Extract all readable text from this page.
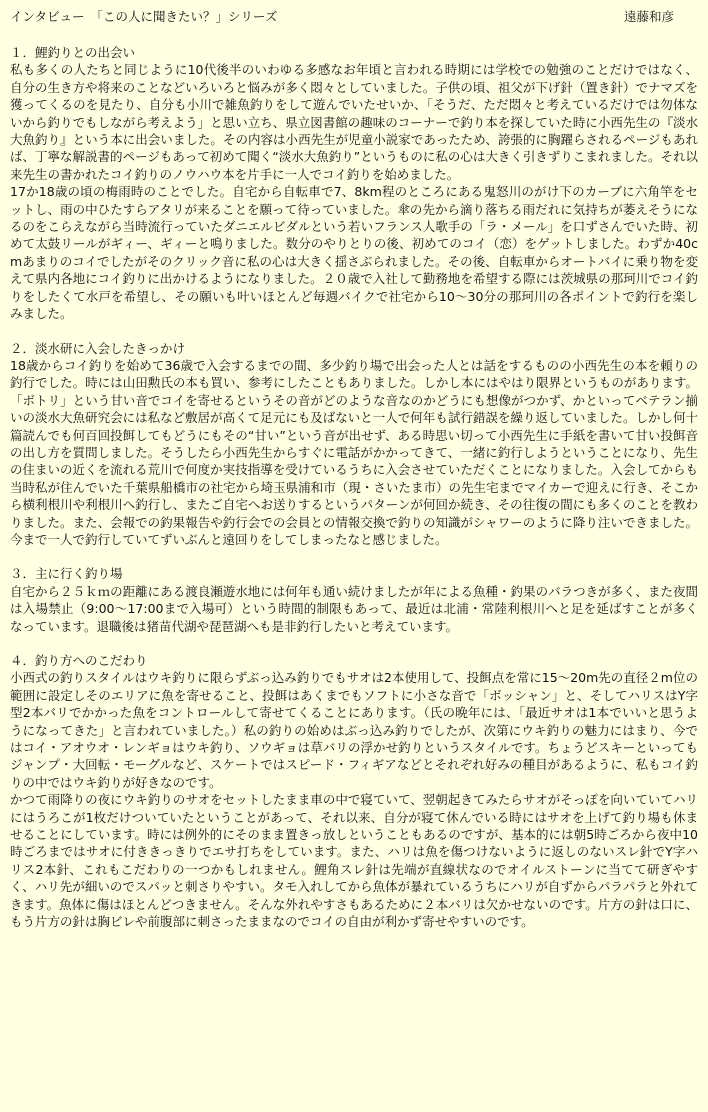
インタビュー 「この人に聞きたい？」シリーズ	遠藤和彦
１．鯉釣りとの出会い

私も多くの人たちと同じように10代後半のいわゆる多感なお年頃と言われる時期には学校での勉強のことだけではなく、自分の生き方や将来のことなどいろいろと悩みが多く悶々としていました。子供の頃、祖父が下げ針（置き針）でナマズを獲ってくるのを見たり、自分も小川で雑魚釣りをして遊んでいたせいか、「そうだ、ただ悶々と考えているだけでは勿体ないから釣りでもしながら考えよう」と思い立ち、県立図書館の趣味のコーナーで釣り本を探していた時に小西先生の『淡水大魚釣り』という本に出会いました。その内容は小西先生が児童小説家であったため、誇張的に胸躍らされるページもあれば、丁寧な解説書的ページもあって初めて聞く“淡水大魚釣り”というものに私の心は大きく引きずりこまれました。それ以来先生の書かれたコイ釣りのノウハウ本を片手に一人でコイ釣りを始めました。

17か18歳の頃の梅雨時のことでした。自宅から自転車で7、8km程のところにある鬼怒川のがけ下のカーブに六角竿をセットし、雨の中ひたすらアタリが来ることを願って待っていました。傘の先から滴り落ちる雨だれに気持ちが萎えそうになるのをこらえながら当時流行っていたダニエルビダルという若いフランス人歌手の「ラ・メール」を口ずさんでいた時、初めて太鼓リールがギィー、ギィーと鳴りました。数分のやりとりの後、初めてのコイ（恋）をゲットしました。わずか40cmあまりのコイでしたがそのクリック音に私の心は大きく揺さぶられました。その後、自転車からオートバイに乗り物を変えて県内各地にコイ釣りに出かけるようになりました。２０歳で入社して勤務地を希望する際には茨城県の那珂川でコイ釣りをしたくて水戸を希望し、その願いも叶いほとんど毎週バイクで社宅から10〜30分の那珂川の各ポイントで釣行を楽しみました。

２．淡水研に入会したきっかけ

18歳からコイ釣りを始めて36歳で入会するまでの間、多少釣り場で出会った人とは話をするものの小西先生の本を頼りの釣行でした。時には山田勲氏の本も買い、参考にしたこともありました。しかし本にはやはり限界というものがあります。「ボトリ」という甘い音でコイを寄せるというその音がどのような音なのかどうにも想像がつかず、かといってベテラン揃いの淡水大魚研究会には私など敷居が高くて足元にも及ばないと一人で何年も試行錯誤を繰り返していました。しかし何十篇読んでも何百回投餌してもどうにもその“甘い”という音が出せず、ある時思い切って小西先生に手紙を書いて甘い投餌音の出し方を質問しました。そうしたら小西先生からすぐに電話がかかってきて、一緒に釣行しようということになり、先生の住まいの近くを流れる荒川で何度か実技指導を受けているうちに入会させていただくことになりました。入会してからも当時私が住んでいた千葉県船橋市の社宅から埼玉県浦和市（現・さいたま市）の先生宅までマイカーで迎えに行き、そこから横利根川や利根川へ釣行し、またご自宅へお送りするというパターンが何回か続き、その往復の間にも多くのことを教わりました。また、会報での釣果報告や釣行会での会員との情報交換で釣りの知識がシャワーのように降り注いできました。今まで一人で釣行していてずいぶんと遠回りをしてしまったなと感じました。

３．主に行く釣り場

自宅から２５ｋｍの距離にある渡良瀬遊水地には何年も通い続けましたが年による魚種・釣果のバラつきが多く、また夜間は入場禁止（9:00〜17:00まで入場可）という時間的制限もあって、最近は北浦・常陸利根川へと足を延ばすことが多くなっています。退職後は猪苗代湖や琵琶湖へも是非釣行したいと考えています。

４．釣り方へのこだわり

小西式の釣りスタイルはウキ釣りに限らずぶっ込み釣りでもサオは2本使用して、投餌点を常に15〜20m先の直径２m位の範囲に設定しそのエリアに魚を寄せること、投餌はあくまでもソフトに小さな音で「ボッシャン」と、そしてハリスはY字型2本バリでかかった魚をコントロールして寄せてくることにあります。（氏の晩年には、「最近サオは1本でいいと思うようになってきた」と言われていました。）私の釣りの始めはぶっ込み釣りでしたが、次第にウキ釣りの魅力にはまり、今ではコイ・アオウオ・レンギョはウキ釣り、ソウギョは草バリの浮かせ釣りというスタイルです。ちょうどスキーといってもジャンプ・大回転・モーグルなど、スケートではスピード・フィギアなどとそれぞれ好みの種目があるように、私もコイ釣りの中ではウキ釣りが好きなのです。

かつて雨降りの夜にウキ釣りのサオをセットしたまま車の中で寝ていて、翌朝起きてみたらサオがそっぽを向いていてハリにはうろこが1枚だけついていたということがあって、それ以来、自分が寝て休んでいる時にはサオを上げて釣り場も休ませることにしています。時には例外的にそのまま置きっ放しということもあるのですが、基本的には朝5時ごろから夜中10時ごろまではサオに付ききっきりでエサ打ちをしています。また、ハリは魚を傷つけないように返しのないスレ針でY字ハリス2本針、これもこだわりの一つかもしれません。鯉角スレ針は先端が直線状なのでオイルストーンに当てて研ぎやすく、ハリ先が細いのでスパッと刺さりやすい。タモ入れしてから魚体が暴れているうちにハリが自ずからパラパラと外れてきます。魚体に傷はほとんどつきません。そんな外れやすさもあるために２本バリは欠かせないのです。片方の針は口に、もう片方の針は胸ビレや前腹部に刺さったままなのでコイの自由が利かず寄せやすいのです。
